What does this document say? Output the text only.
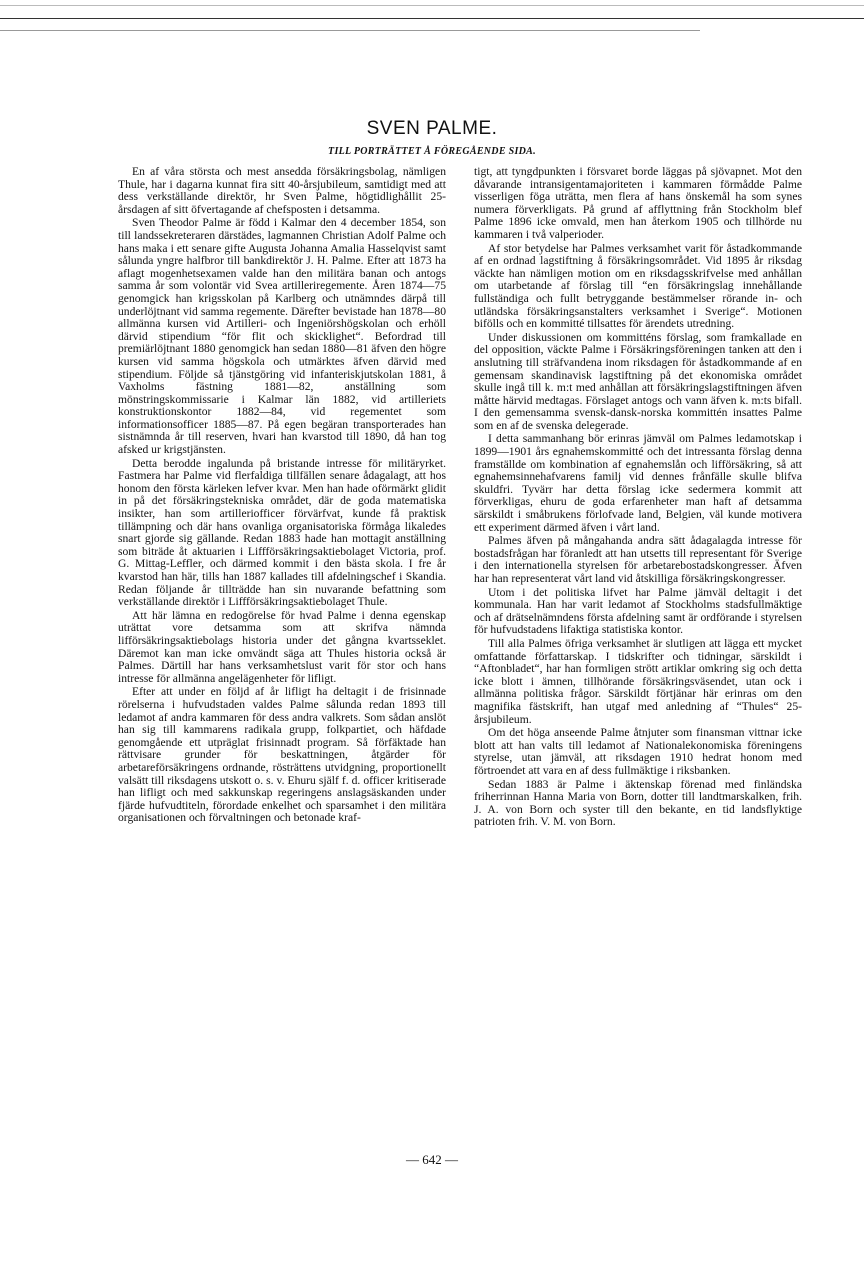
SVEN PALME.
TILL PORTRÄTTET Å FÖREGÅENDE SIDA.

En af våra största och mest ansedda försäkringsbolag, nämligen Thule, har i dagarna kunnat fira sitt 40-årsjubileum, samtidigt med att dess verkställande direktör, hr Sven Palme, högtidlighållit 25-årsdagen af sitt öfvertagande af chefsposten i detsamma.

Sven Theodor Palme är född i Kalmar den 4 december 1854, son till landssekreteraren därstädes, lagmannen Christian Adolf Palme och hans maka i ett senare gifte Augusta Johanna Amalia Hasselqvist samt sålunda yngre halfbror till bankdirektör J. H. Palme. Efter att 1873 ha aflagt mogenhetsexamen valde han den militära banan och antogs samma år som volontär vid Svea artilleriregemente. Åren 1874—75 genomgick han krigsskolan på Karlberg och utnämndes därpå till underlöjtnant vid samma regemente. Därefter bevistade han 1878—80 allmänna kursen vid Artilleri- och Ingeniörshögskolan och erhöll därvid stipendium “för flit och skicklighet“. Befordrad till premiärlöjtnant 1880 genomgick han sedan 1880—81 äfven den högre kursen vid samma högskola och utmärktes äfven därvid med stipendium. Följde så tjänstgöring vid infanteriskjutskolan 1881, å Vaxholms fästning 1881—82, anställning som mönstringskommissarie i Kalmar län 1882, vid artilleriets konstruktionskontor 1882—84, vid regementet som informationsofficer 1885—87. På egen begäran transporterades han sistnämnda år till reserven, hvari han kvarstod till 1890, då han tog afsked ur krigstjänsten.

Detta berodde ingalunda på bristande intresse för militäryrket. Fastmera har Palme vid flerfaldiga tillfällen senare ådagalagt, att hos honom den första kärleken lefver kvar. Men han hade oförmärkt glidit in på det försäkringstekniska området, där de goda matematiska insikter, han som artilleriofficer förvärfvat, kunde få praktisk tillämpning och där hans ovanliga organisatoriska förmåga likaledes snart gjorde sig gällande. Redan 1883 hade han mottagit anställning som biträde åt aktuarien i Liffförsäkringsaktiebolaget Victoria, prof. G. Mittag-Leffler, och därmed kommit i den bästa skola. I fre år kvarstod han här, tills han 1887 kallades till afdelningschef i Skandia. Redan följande år tillträdde han sin nuvarande befattning som verkställande direktör i Liffförsäkringsaktiebolaget Thule.

Att här lämna en redogörelse för hvad Palme i denna egenskap uträttat vore detsamma som att skrifva nämnda lifförsäkringsaktiebolags historia under det gångna kvartsseklet. Däremot kan man icke omvändt säga att Thules historia också är Palmes. Därtill har hans verksamhetslust varit för stor och hans intresse för allmänna angelägenheter för lifligt.

Efter att under en följd af år lifligt ha deltagit i de frisinnade rörelserna i hufvudstaden valdes Palme sålunda redan 1893 till ledamot af andra kammaren för dess andra valkrets. Som sådan anslöt han sig till kammarens radikala grupp, folkpartiet, och häfdade genomgående ett utpräglat frisinnadt program. Så förfäktade han rättvisare grunder för beskattningen, åtgärder för arbetareförsäkringens ordnande, rösträttens utvidgning, proportionellt valsätt till riksdagens utskott o. s. v. Ehuru själf f. d. officer kritiserade han lifligt och med sakkunskap regeringens anslagsäskanden under fjärde hufvudtiteln, förordade enkelhet och sparsamhet i den militära organisationen och förvaltningen och betonade kraf-

tigt, att tyngdpunkten i försvaret borde läggas på sjövapnet. Mot den dåvarande intransigentamajoriteten i kammaren förmådde Palme visserligen föga uträtta, men flera af hans önskemål ha som synes numera förverkligats. På grund af afflyttning från Stockholm blef Palme 1896 icke omvald, men han återkom 1905 och tillhörde nu kammaren i två valperioder.

Af stor betydelse har Palmes verksamhet varit för åstadkommande af en ordnad lagstiftning å försäkringsområdet. Vid 1895 år riksdag väckte han nämligen motion om en riksdagsskrifvelse med anhållan om utarbetande af förslag till “en försäkringslag innehållande fullständiga och fullt betryggande bestämmelser rörande in- och utländska försäkringsanstalters verksamhet i Sverige“. Motionen bifölls och en kommitté tillsattes för ärendets utredning.

Under diskussionen om kommitténs förslag, som framkallade en del opposition, väckte Palme i Försäkringsföreningen tanken att den i anslutning till sträfvandena inom riksdagen för åstadkommande af en gemensam skandinavisk lagstiftning på det ekonomiska området skulle ingå till k. m:t med anhållan att försäkringslagstiftningen äfven måtte härvid medtagas. Förslaget antogs och vann äfven k. m:ts bifall. I den gemensamma svensk-dansk-norska kommittén insattes Palme som en af de svenska delegerade.

I detta sammanhang bör erinras jämväl om Palmes ledamotskap i 1899—1901 års egnahemskommitté och det intressanta förslag denna framställde om kombination af egnahemslån och lifförsäkring, så att egnahemsinnehafvarens familj vid dennes frånfälle skulle blifva skuldfri. Tyvärr har detta förslag icke sedermera kommit att förverkligas, ehuru de goda erfarenheter man haft af detsamma särskildt i småbrukens förlofvade land, Belgien, väl kunde motivera ett experiment därmed äfven i vårt land.

Palmes äfven på mångahanda andra sätt ådagalagda intresse för bostadsfrågan har föranledt att han utsetts till representant för Sverige i den internationella styrelsen för arbetarebostadskongresser. Äfven har han representerat vårt land vid åtskilliga försäkringskongresser.

Utom i det politiska lifvet har Palme jämväl deltagit i det kommunala. Han har varit ledamot af Stockholms stadsfullmäktige och af drätselnämndens första afdelning samt är ordförande i styrelsen för hufvudstadens lifaktiga statistiska kontor.

Till alla Palmes öfriga verksamhet är slutligen att lägga ett mycket omfattande författarskap. I tidskrifter och tidningar, särskildt i “Aftonbladet“, har han formligen strött artiklar omkring sig och detta icke blott i ämnen, tillhörande försäkringsväsendet, utan ock i allmänna politiska frågor. Särskildt förtjänar här erinras om den magnifika fästskrift, han utgaf med anledning af “Thules“ 25-årsjubileum.

Om det höga anseende Palme åtnjuter som finansman vittnar icke blott att han valts till ledamot af Nationalekonomiska föreningens styrelse, utan jämväl, att riksdagen 1910 hedrat honom med förtroendet att vara en af dess fullmäktige i riksbanken.

Sedan 1883 är Palme i äktenskap förenad med finländska friherrinnan Hanna Maria von Born, dotter till landtmarskalken, frih. J. A. von Born och syster till den bekante, en tid landsflyktige patrioten frih. V. M. von Born.

— 642 —
